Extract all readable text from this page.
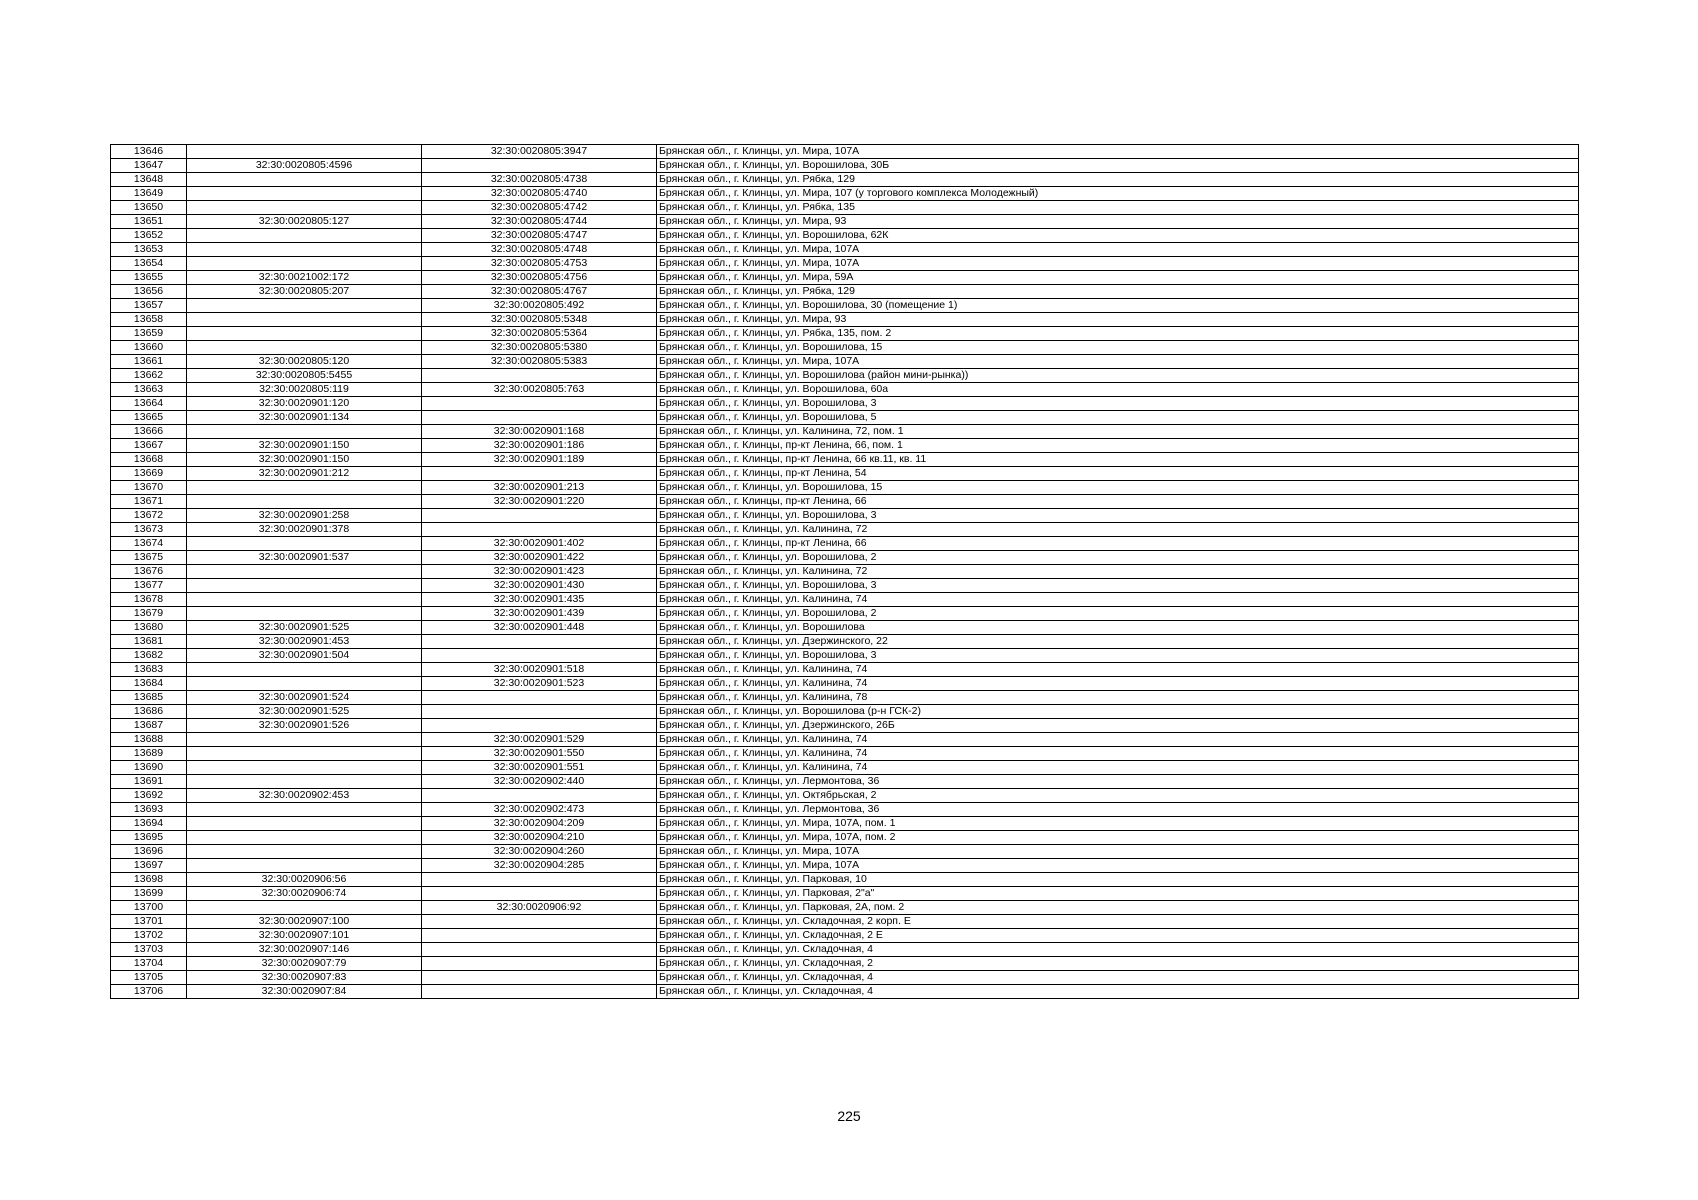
13646		32:30:0020805:3947	Брянская обл., г. Клинцы, ул. Мира, 107А
13647	32:30:0020805:4596		Брянская обл., г. Клинцы, ул. Ворошилова, 30Б
13648		32:30:0020805:4738	Брянская обл., г. Клинцы, ул. Рябка, 129
13649		32:30:0020805:4740	Брянская обл., г. Клинцы, ул. Мира, 107 (у торгового комплекса Молодежный)
13650		32:30:0020805:4742	Брянская обл., г. Клинцы, ул. Рябка, 135
13651	32:30:0020805:127	32:30:0020805:4744	Брянская обл., г. Клинцы, ул. Мира, 93
13652		32:30:0020805:4747	Брянская обл., г. Клинцы, ул. Ворошилова, 62К
13653		32:30:0020805:4748	Брянская обл., г. Клинцы, ул. Мира, 107А
13654		32:30:0020805:4753	Брянская обл., г. Клинцы, ул. Мира, 107А
13655	32:30:0021002:172	32:30:0020805:4756	Брянская обл., г. Клинцы, ул. Мира, 59А
13656	32:30:0020805:207	32:30:0020805:4767	Брянская обл., г. Клинцы, ул. Рябка, 129
13657		32:30:0020805:492	Брянская обл., г. Клинцы, ул. Ворошилова, 30 (помещение 1)
13658		32:30:0020805:5348	Брянская обл., г. Клинцы, ул. Мира, 93
13659		32:30:0020805:5364	Брянская обл., г. Клинцы, ул. Рябка, 135, пом. 2
13660		32:30:0020805:5380	Брянская обл., г. Клинцы, ул. Ворошилова, 15
13661	32:30:0020805:120	32:30:0020805:5383	Брянская обл., г. Клинцы, ул. Мира, 107А
13662	32:30:0020805:5455		Брянская обл., г. Клинцы, ул. Ворошилова (район мини-рынка))
13663	32:30:0020805:119	32:30:0020805:763	Брянская обл., г. Клинцы, ул. Ворошилова, 60а
13664	32:30:0020901:120		Брянская обл., г. Клинцы, ул. Ворошилова, 3
13665	32:30:0020901:134		Брянская обл., г. Клинцы, ул. Ворошилова, 5
13666		32:30:0020901:168	Брянская обл., г. Клинцы, ул. Калинина, 72, пом. 1
13667	32:30:0020901:150	32:30:0020901:186	Брянская обл., г. Клинцы, пр-кт Ленина, 66, пом. 1
13668	32:30:0020901:150	32:30:0020901:189	Брянская обл., г. Клинцы, пр-кт Ленина, 66 кв.11, кв. 11
13669	32:30:0020901:212		Брянская обл., г. Клинцы, пр-кт Ленина, 54
13670		32:30:0020901:213	Брянская обл., г. Клинцы, ул. Ворошилова, 15
13671		32:30:0020901:220	Брянская обл., г. Клинцы, пр-кт Ленина, 66
13672	32:30:0020901:258		Брянская обл., г. Клинцы, ул. Ворошилова, 3
13673	32:30:0020901:378		Брянская обл., г. Клинцы, ул. Калинина, 72
13674		32:30:0020901:402	Брянская обл., г. Клинцы, пр-кт Ленина, 66
13675	32:30:0020901:537	32:30:0020901:422	Брянская обл., г. Клинцы, ул. Ворошилова, 2
13676		32:30:0020901:423	Брянская обл., г. Клинцы, ул. Калинина, 72
13677		32:30:0020901:430	Брянская обл., г. Клинцы, ул. Ворошилова, 3
13678		32:30:0020901:435	Брянская обл., г. Клинцы, ул. Калинина, 74
13679		32:30:0020901:439	Брянская обл., г. Клинцы, ул. Ворошилова, 2
13680	32:30:0020901:525	32:30:0020901:448	Брянская обл., г. Клинцы, ул. Ворошилова
13681	32:30:0020901:453		Брянская обл., г. Клинцы, ул. Дзержинского, 22
13682	32:30:0020901:504		Брянская обл., г. Клинцы, ул. Ворошилова, 3
13683		32:30:0020901:518	Брянская обл., г. Клинцы, ул. Калинина, 74
13684		32:30:0020901:523	Брянская обл., г. Клинцы, ул. Калинина, 74
13685	32:30:0020901:524		Брянская обл., г. Клинцы, ул. Калинина, 78
13686	32:30:0020901:525		Брянская обл., г. Клинцы, ул. Ворошилова (р-н ГСК-2)
13687	32:30:0020901:526		Брянская обл., г. Клинцы, ул. Дзержинского, 26Б
13688		32:30:0020901:529	Брянская обл., г. Клинцы, ул. Калинина, 74
13689		32:30:0020901:550	Брянская обл., г. Клинцы, ул. Калинина, 74
13690		32:30:0020901:551	Брянская обл., г. Клинцы, ул. Калинина, 74
13691		32:30:0020902:440	Брянская обл., г. Клинцы, ул. Лермонтова, 36
13692	32:30:0020902:453		Брянская обл., г. Клинцы, ул. Октябрьская, 2
13693		32:30:0020902:473	Брянская обл., г. Клинцы, ул. Лермонтова, 36
13694		32:30:0020904:209	Брянская обл., г. Клинцы, ул. Мира, 107А, пом. 1
13695		32:30:0020904:210	Брянская обл., г. Клинцы, ул. Мира, 107А, пом. 2
13696		32:30:0020904:260	Брянская обл., г. Клинцы, ул. Мира, 107А
13697		32:30:0020904:285	Брянская обл., г. Клинцы, ул. Мира, 107А
13698	32:30:0020906:56		Брянская обл., г. Клинцы, ул. Парковая, 10
13699	32:30:0020906:74		Брянская обл., г. Клинцы, ул. Парковая, 2"а"
13700		32:30:0020906:92	Брянская обл., г. Клинцы, ул. Парковая, 2А, пом. 2
13701	32:30:0020907:100		Брянская обл., г. Клинцы, ул. Складочная, 2 корп. Е
13702	32:30:0020907:101		Брянская обл., г. Клинцы, ул. Складочная, 2 Е
13703	32:30:0020907:146		Брянская обл., г. Клинцы, ул. Складочная, 4
13704	32:30:0020907:79		Брянская обл., г. Клинцы, ул. Складочная, 2
13705	32:30:0020907:83		Брянская обл., г. Клинцы, ул. Складочная, 4
13706	32:30:0020907:84		Брянская обл., г. Клинцы, ул. Складочная, 4
225
